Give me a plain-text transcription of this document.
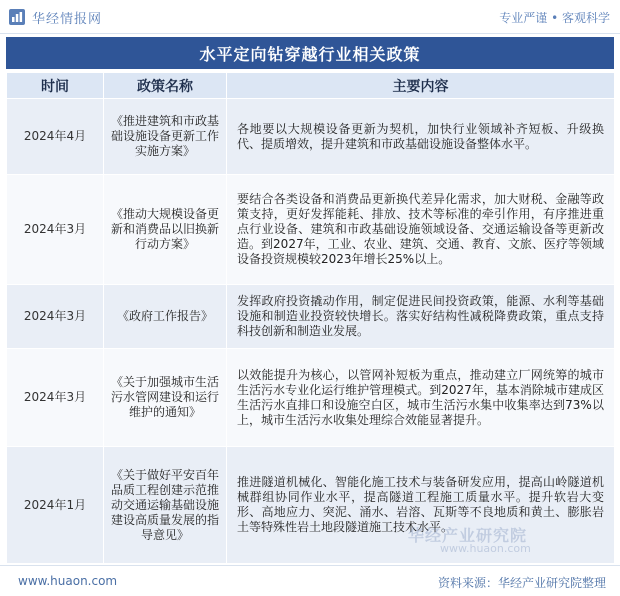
华经情报网	专业严谨 • 客观科学
水平定向钻穿越行业相关政策
时间	政策名称	主要内容
2024年4月	《推进建筑和市政基础设施设备更新工作实施方案》	各地要以大规模设备更新为契机，加快行业领域补齐短板、升级换代、提质增效，提升建筑和市政基础设施设备整体水平。
2024年3月	《推动大规模设备更新和消费品以旧换新行动方案》	要结合各类设备和消费品更新换代差异化需求，加大财税、金融等政策支持，更好发挥能耗、排放、技术等标准的牵引作用，有序推进重点行业设备、建筑和市政基础设施领域设备、交通运输设备等更新改造。到2027年，工业、农业、建筑、交通、教育、文旅、医疗等领域设备投资规模较2023年增长25%以上。
2024年3月	《政府工作报告》	发挥政府投资撬动作用，制定促进民间投资政策，能源、水利等基础设施和制造业投资较快增长。落实好结构性减税降费政策，重点支持科技创新和制造业发展。
2024年3月	《关于加强城市生活污水管网建设和运行维护的通知》	以效能提升为核心，以管网补短板为重点，推动建立厂网统筹的城市生活污水专业化运行维护管理模式。到2027年，基本消除城市建成区生活污水直排口和设施空白区，城市生活污水集中收集率达到73%以上，城市生活污水收集处理综合效能显著提升。
2024年1月	《关于做好平安百年品质工程创建示范推动交通运输基础设施建设高质量发展的指导意见》	推进隧道机械化、智能化施工技术与装备研发应用，提高山岭隧道机械群组协同作业水平，提高隧道工程施工质量水平。提升软岩大变形、高地应力、突泥、涌水、岩溶、瓦斯等不良地质和黄土、膨胀岩土等特殊性岩土地段隧道施工技术水平。
华经产业研究院
www.huaon.com
www.huaon.com	资料来源：华经产业研究院整理
